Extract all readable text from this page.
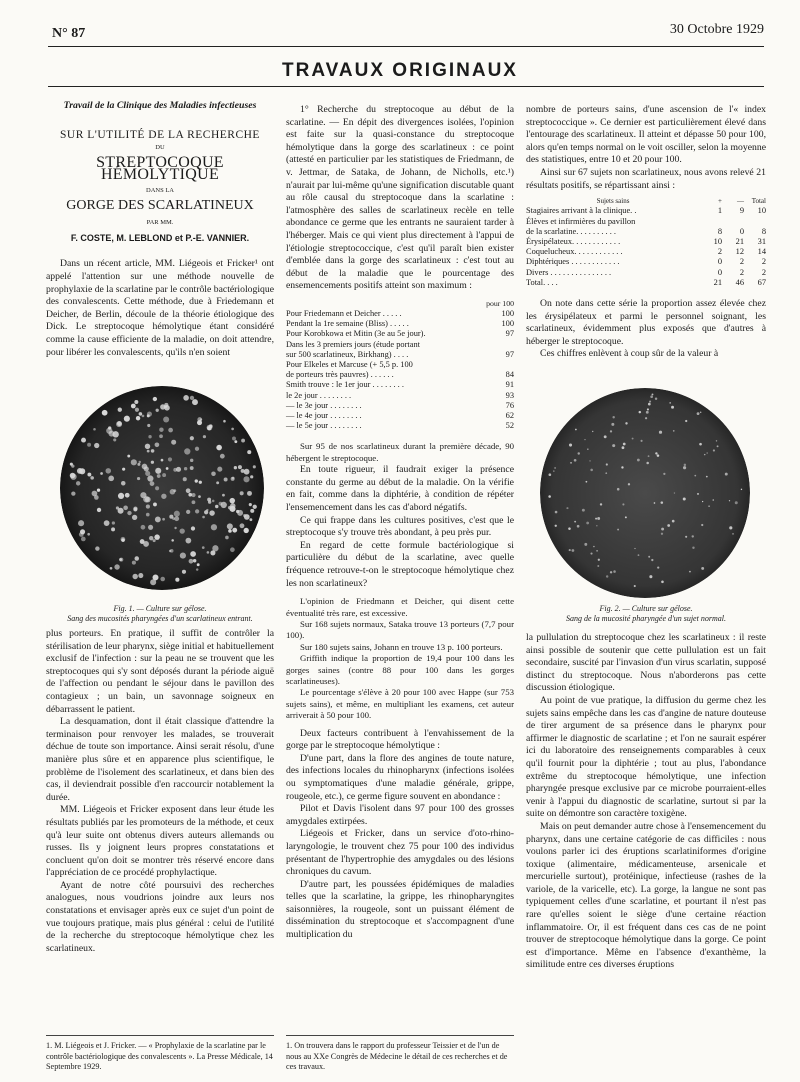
N° 87	30 Octobre 1929
TRAVAUX ORIGINAUX
Travail de la Clinique des Maladies infectieuses
SUR L'UTILITÉ DE LA RECHERCHE
DU
STREPTOCOQUE HÉMOLYTIQUE
DANS LA
GORGE DES SCARLATINEUX
PAR MM.
F. COSTE, M. LEBLOND et P.-E. VANNIER.

Dans un récent article, MM. Liégeois et Fricker¹ ont appelé l'attention sur une méthode nouvelle de prophylaxie de la scarlatine par le contrôle bactériologique des convalescents. Cette méthode, due à Friedemann et Deicher, de Berlin, découle de la théorie étiologique des Dick. Le streptocoque hémolytique étant considéré comme la cause efficiente de la maladie, on doit attendre, pour libérer les convalescents, qu'ils n'en soient

Fig. 1. — Culture sur gélose.
Sang des mucosités pharyngées d'un scarlatineux entrant.

plus porteurs. En pratique, il suffit de contrôler la stérilisation de leur pharynx, siège initial et habituellement exclusif de l'infection : sur la peau ne se trouvent que les streptocoques qui s'y sont déposés durant la période aiguë de l'affection ou pendant le séjour dans le pavillon des contagieux ; un bain, un savonnage soigneux en débarrassent le patient.

La desquamation, dont il était classique d'attendre la terminaison pour renvoyer les malades, se trouverait déchue de toute son importance. Ainsi serait résolu, d'une manière plus sûre et en apparence plus scientifique, le problème de l'isolement des scarlatineux, et dans bien des cas, il deviendrait possible d'en raccourcir notablement la durée.

MM. Liégeois et Fricker exposent dans leur étude les résultats publiés par les promoteurs de la méthode, et ceux qu'à leur suite ont obtenus divers auteurs allemands ou russes. Ils y joignent leurs propres constatations et concluent qu'on doit se montrer très réservé encore dans l'appréciation de ce procédé prophylactique.

Ayant de notre côté poursuivi des recherches analogues, nous voudrions joindre aux leurs nos constatations et envisager après eux ce sujet d'un point de vue toujours pratique, mais plus général : celui de l'utilité de la recherche du streptocoque hémolytique chez les scarlatineux.

1. M. Liégeois et J. Fricker. — « Prophylaxie de la scarlatine par le contrôle bactériologique des convalescents ». La Presse Médicale, 14 Septembre 1929.

1° Recherche du streptocoque au début de la scarlatine. — En dépit des divergences isolées, l'opinion est faite sur la quasi-constance du streptocoque hémolytique dans la gorge des scarlatineux : ce point (attesté en particulier par les statistiques de Friedmann, de v. Jettmar, de Sataka, de Johann, de Nicholls, etc.¹) n'aurait par lui-même qu'une signification discutable quant au rôle causal du streptocoque dans la scarlatine : l'atmosphère des salles de scarlatineux recèle en telle abondance ce germe que les entrants ne sauraient tarder à l'héberger. Mais ce qui vient plus directement à l'appui de l'étiologie streptococcique, c'est qu'il paraît bien exister d'emblée dans la gorge des scarlatineux : c'est tout au début de la maladie que le pourcentage des ensemencements positifs atteint son maximum :

pour 100
Pour Friedemann et Deicher . . . . .	100
Pendant la 1re semaine (Bliss) . . . . .	100
Pour Korobkowa et Mitin (3e au 5e jour).	97
Dans les 3 premiers jours (étude portant	
sur 500 scarlatineux, Birkhang) . . . .	97
Pour Elkeles et Marcuse (+ 5,5 p. 100	
de porteurs très pauvres) . . . . . .	84
Smith trouve : le 1er jour . . . . . . . .	91
le 2e jour . . . . . . . .	93
— le 3e jour . . . . . . . .	76
— le 4e jour . . . . . . . .	62
— le 5e jour . . . . . . . .	52

Sur 95 de nos scarlatineux durant la première décade, 90 hébergent le streptocoque.

En toute rigueur, il faudrait exiger la présence constante du germe au début de la maladie. On la vérifie en fait, comme dans la diphtérie, à condition de répéter l'ensemencement dans les cas d'abord négatifs.

Ce qui frappe dans les cultures positives, c'est que le streptocoque s'y trouve très abondant, à peu près pur.

En regard de cette formule bactériologique si particulière du début de la scarlatine, avec quelle fréquence retrouve-t-on le streptocoque hémolytique chez les non scarlatineux?

L'opinion de Friedmann et Deicher, qui disent cette éventualité très rare, est excessive.

Sur 168 sujets normaux, Sataka trouve 13 porteurs (7,7 pour 100).

Sur 180 sujets sains, Johann en trouve 13 p. 100 porteurs.

Griffith indique la proportion de 19,4 pour 100 dans les gorges saines (contre 88 pour 100 dans les gorges scarlatineuses).

Le pourcentage s'élève à 20 pour 100 avec Happe (sur 753 sujets sains), et même, en multipliant les examens, cet auteur arriverait à 50 pour 100.

Deux facteurs contribuent à l'envahissement de la gorge par le streptocoque hémolytique :

D'une part, dans la flore des angines de toute nature, des infections locales du rhinopharynx (infections isolées ou symptomatiques d'une maladie générale, grippe, rougeole, etc.), ce germe figure souvent en abondance :

Pilot et Davis l'isolent dans 97 pour 100 des grosses amygdales extirpées.

Liégeois et Fricker, dans un service d'oto-rhino-laryngologie, le trouvent chez 75 pour 100 des individus présentant de l'hypertrophie des amygdales ou des lésions chroniques du cavum.

D'autre part, les poussées épidémiques de maladies telles que la scarlatine, la grippe, les rhinopharyngites saisonnières, la rougeole, sont un puissant élément de dissémination du streptocoque et s'accompagnent d'une multiplication du

1. On trouvera dans le rapport du professeur Teissier et de l'un de nous au XXe Congrès de Médecine le détail de ces recherches et de ces travaux.

nombre de porteurs sains, d'une ascension de l'« index streptococcique ». Ce dernier est particulièrement élevé dans l'entourage des scarlatineux. Il atteint et dépasse 50 pour 100, alors qu'en temps normal on le voit osciller, selon la moyenne des statistiques, entre 10 et 20 pour 100.

Ainsi sur 67 sujets non scarlatineux, nous avons relevé 21 résultats positifs, se répartissant ainsi :

Sujets sains	+	—	Total
Stagiaires arrivant à la clinique. .	1	9	10
Élèves et infirmières du pavillon			
de la scarlatine. . . . . . . . . .	8	0	8
Érysipélateux. . . . . . . . . . . .	10	21	31
Coquelucheux. . . . . . . . . . . .	2	12	14
Diphtériques . . . . . . . . . . . .	0	2	2
Divers . . . . . . . . . . . . . . .	0	2	2
Total. . . .	21	46	67

On note dans cette série la proportion assez élevée chez les érysipélateux et parmi le personnel soignant, les scarlatineux, évidemment plus exposés que d'autres à héberger le streptocoque.

Ces chiffres enlèvent à coup sûr de la valeur à

Fig. 2. — Culture sur gélose.
Sang de la mucosité pharyngée d'un sujet normal.

la pullulation du streptocoque chez les scarlatineux : il reste ainsi possible de soutenir que cette pullulation est un fait secondaire, suscité par l'invasion d'un virus scarlatin, supposé distinct du streptocoque. Nous n'aborderons pas cette discussion étiologique.

Au point de vue pratique, la diffusion du germe chez les sujets sains empêche dans les cas d'angine de nature douteuse de tirer argument de sa présence dans le pharynx pour affirmer le diagnostic de scarlatine ; et l'on ne saurait espérer ici du laboratoire des renseignements comparables à ceux qu'il fournit pour la diphtérie ; tout au plus, l'abondance extrême du streptocoque hémolytique, une infection pharyngée presque exclusive par ce microbe pourraient-elles venir à l'appui du diagnostic de scarlatine, surtout si par la suite on démontre son caractère toxigène.

Mais on peut demander autre chose à l'ensemencement du pharynx, dans une certaine catégorie de cas difficiles : nous voulons parler ici des éruptions scarlatiniformes d'origine toxique (alimentaire, médicamenteuse, arsenicale et mercurielle surtout), protéinique, infectieuse (rashes de la variole, de la varicelle, etc). La gorge, la langue ne sont pas typiquement celles d'une scarlatine, et pourtant il n'est pas rare qu'elles soient le siège d'une certaine réaction inflammatoire. Or, il est fréquent dans ces cas de ne point trouver de streptocoque hémolytique dans la gorge. Ce point est d'importance. Même en l'absence d'exanthème, la similitude entre ces diverses éruptions
